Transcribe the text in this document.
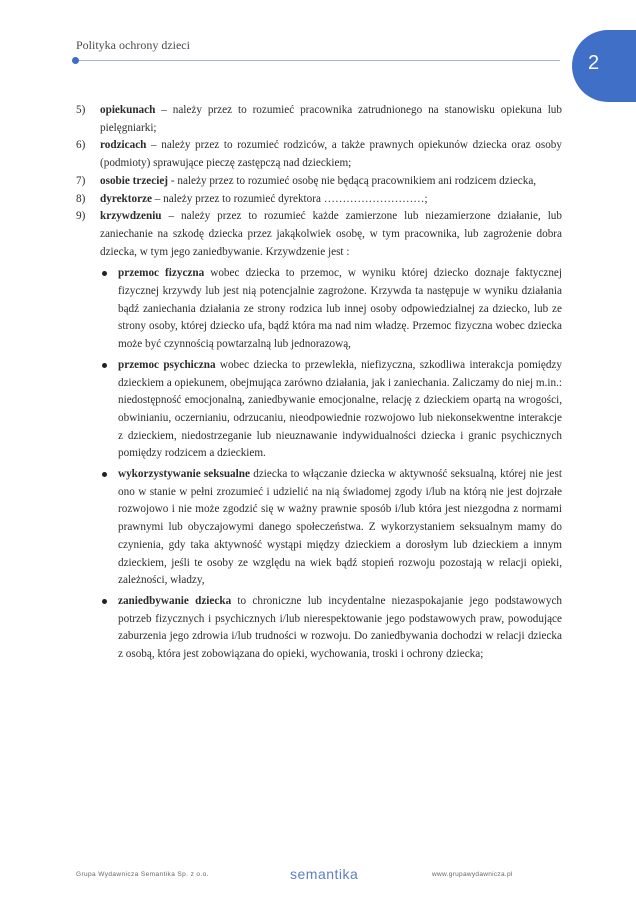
Polityka ochrony dzieci
2
5)	opiekunach – należy przez to rozumieć pracownika zatrudnionego na stanowisku opiekuna lub pielęgniarki;
6)	rodzicach – należy przez to rozumieć rodziców, a także prawnych opiekunów dziecka oraz osoby (podmioty) sprawujące pieczę zastępczą nad dzieckiem;
7)	osobie trzeciej - należy przez to rozumieć osobę nie będącą pracownikiem ani rodzicem dziecka,
8)	dyrektorze – należy przez to rozumieć dyrektora ………………………;
9)	krzywdzeniu – należy przez to rozumieć każde zamierzone lub niezamierzone działanie, lub zaniechanie na szkodę dziecka przez jakąkolwiek osobę, w tym pracownika, lub zagrożenie dobra dziecka, w tym jego zaniedbywanie. Krzywdzenie jest :
przemoc fizyczna wobec dziecka to przemoc, w wyniku której dziecko doznaje faktycznej fizycznej krzywdy lub jest nią potencjalnie zagrożone. Krzywda ta następuje w wyniku działania bądź zaniechania działania ze strony rodzica lub innej osoby odpowiedzialnej za dziecko, lub ze strony osoby, której dziecko ufa, bądź która ma nad nim władzę. Przemoc fizyczna wobec dziecka może być czynnością powtarzalną lub jednorazową,
przemoc psychiczna wobec dziecka to przewlekła, niefizyczna, szkodliwa interakcja pomiędzy dzieckiem a opiekunem, obejmująca zarówno działania, jak i zaniechania. Zaliczamy do niej m.in.: niedostępność emocjonalną, zaniedbywanie emocjonalne, relację z dzieckiem opartą na wrogości, obwinianiu, oczernianiu, odrzucaniu, nieodpowiednie rozwojowo lub niekonsekwentne interakcje z dzieckiem, niedostrzeganie lub nieuznawanie indywidualności dziecka i granic psychicznych pomiędzy rodzicem a dzieckiem.
wykorzystywanie seksualne dziecka to włączanie dziecka w aktywność seksualną, której nie jest ono w stanie w pełni zrozumieć i udzielić na nią świadomej zgody i/lub na którą nie jest dojrzałe rozwojowo i nie może zgodzić się w ważny prawnie sposób i/lub która jest niezgodna z normami prawnymi lub obyczajowymi danego społeczeństwa. Z wykorzystaniem seksualnym mamy do czynienia, gdy taka aktywność wystąpi między dzieckiem a dorosłym lub dzieckiem a innym dzieckiem, jeśli te osoby ze względu na wiek bądź stopień rozwoju pozostają w relacji opieki, zależności, władzy,
zaniedbywanie dziecka to chroniczne lub incydentalne niezaspokajanie jego podstawowych potrzeb fizycznych i psychicznych i/lub nierespektowanie jego podstawowych praw, powodujące zaburzenia jego zdrowia i/lub trudności w rozwoju. Do zaniedbywania dochodzi w relacji dziecka z osobą, która jest zobowiązana do opieki, wychowania, troski i ochrony dziecka;
Grupa Wydawnicza Semantika Sp. z o.o.	semantika	www.grupawydawnicza.pl
